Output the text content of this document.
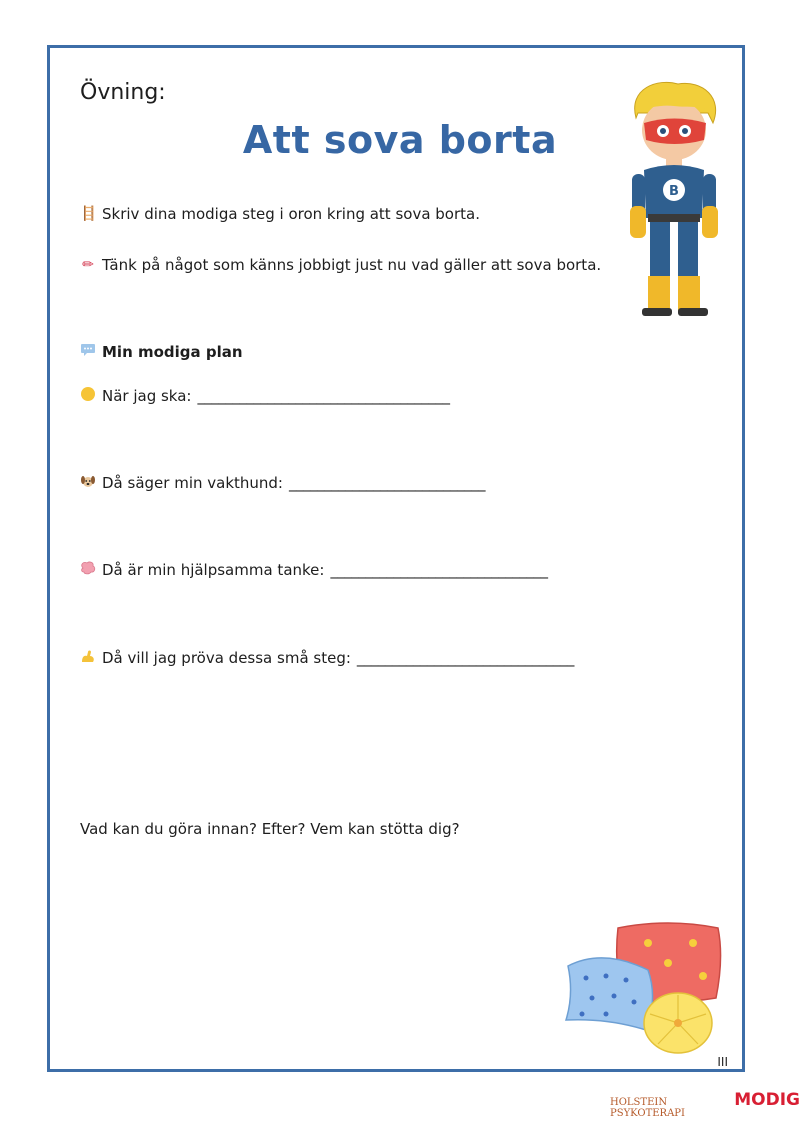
Övning:
Att sova borta
B
🪜 Skriv dina modiga steg i oron kring att sova borta.
✏ Tänk på något som känns jobbigt just nu vad gäller att sova borta.
Min modiga plan
När jag ska: ____________________________________
Då säger min vakthund: ____________________________
Då är min hjälpsamma tanke: _______________________________
Då vill jag pröva dessa små steg: _______________________________
Vad kan du göra innan? Efter? Vem kan stötta dig?
III
HOLSTEIN PSYKOTERAPI
MODIG
